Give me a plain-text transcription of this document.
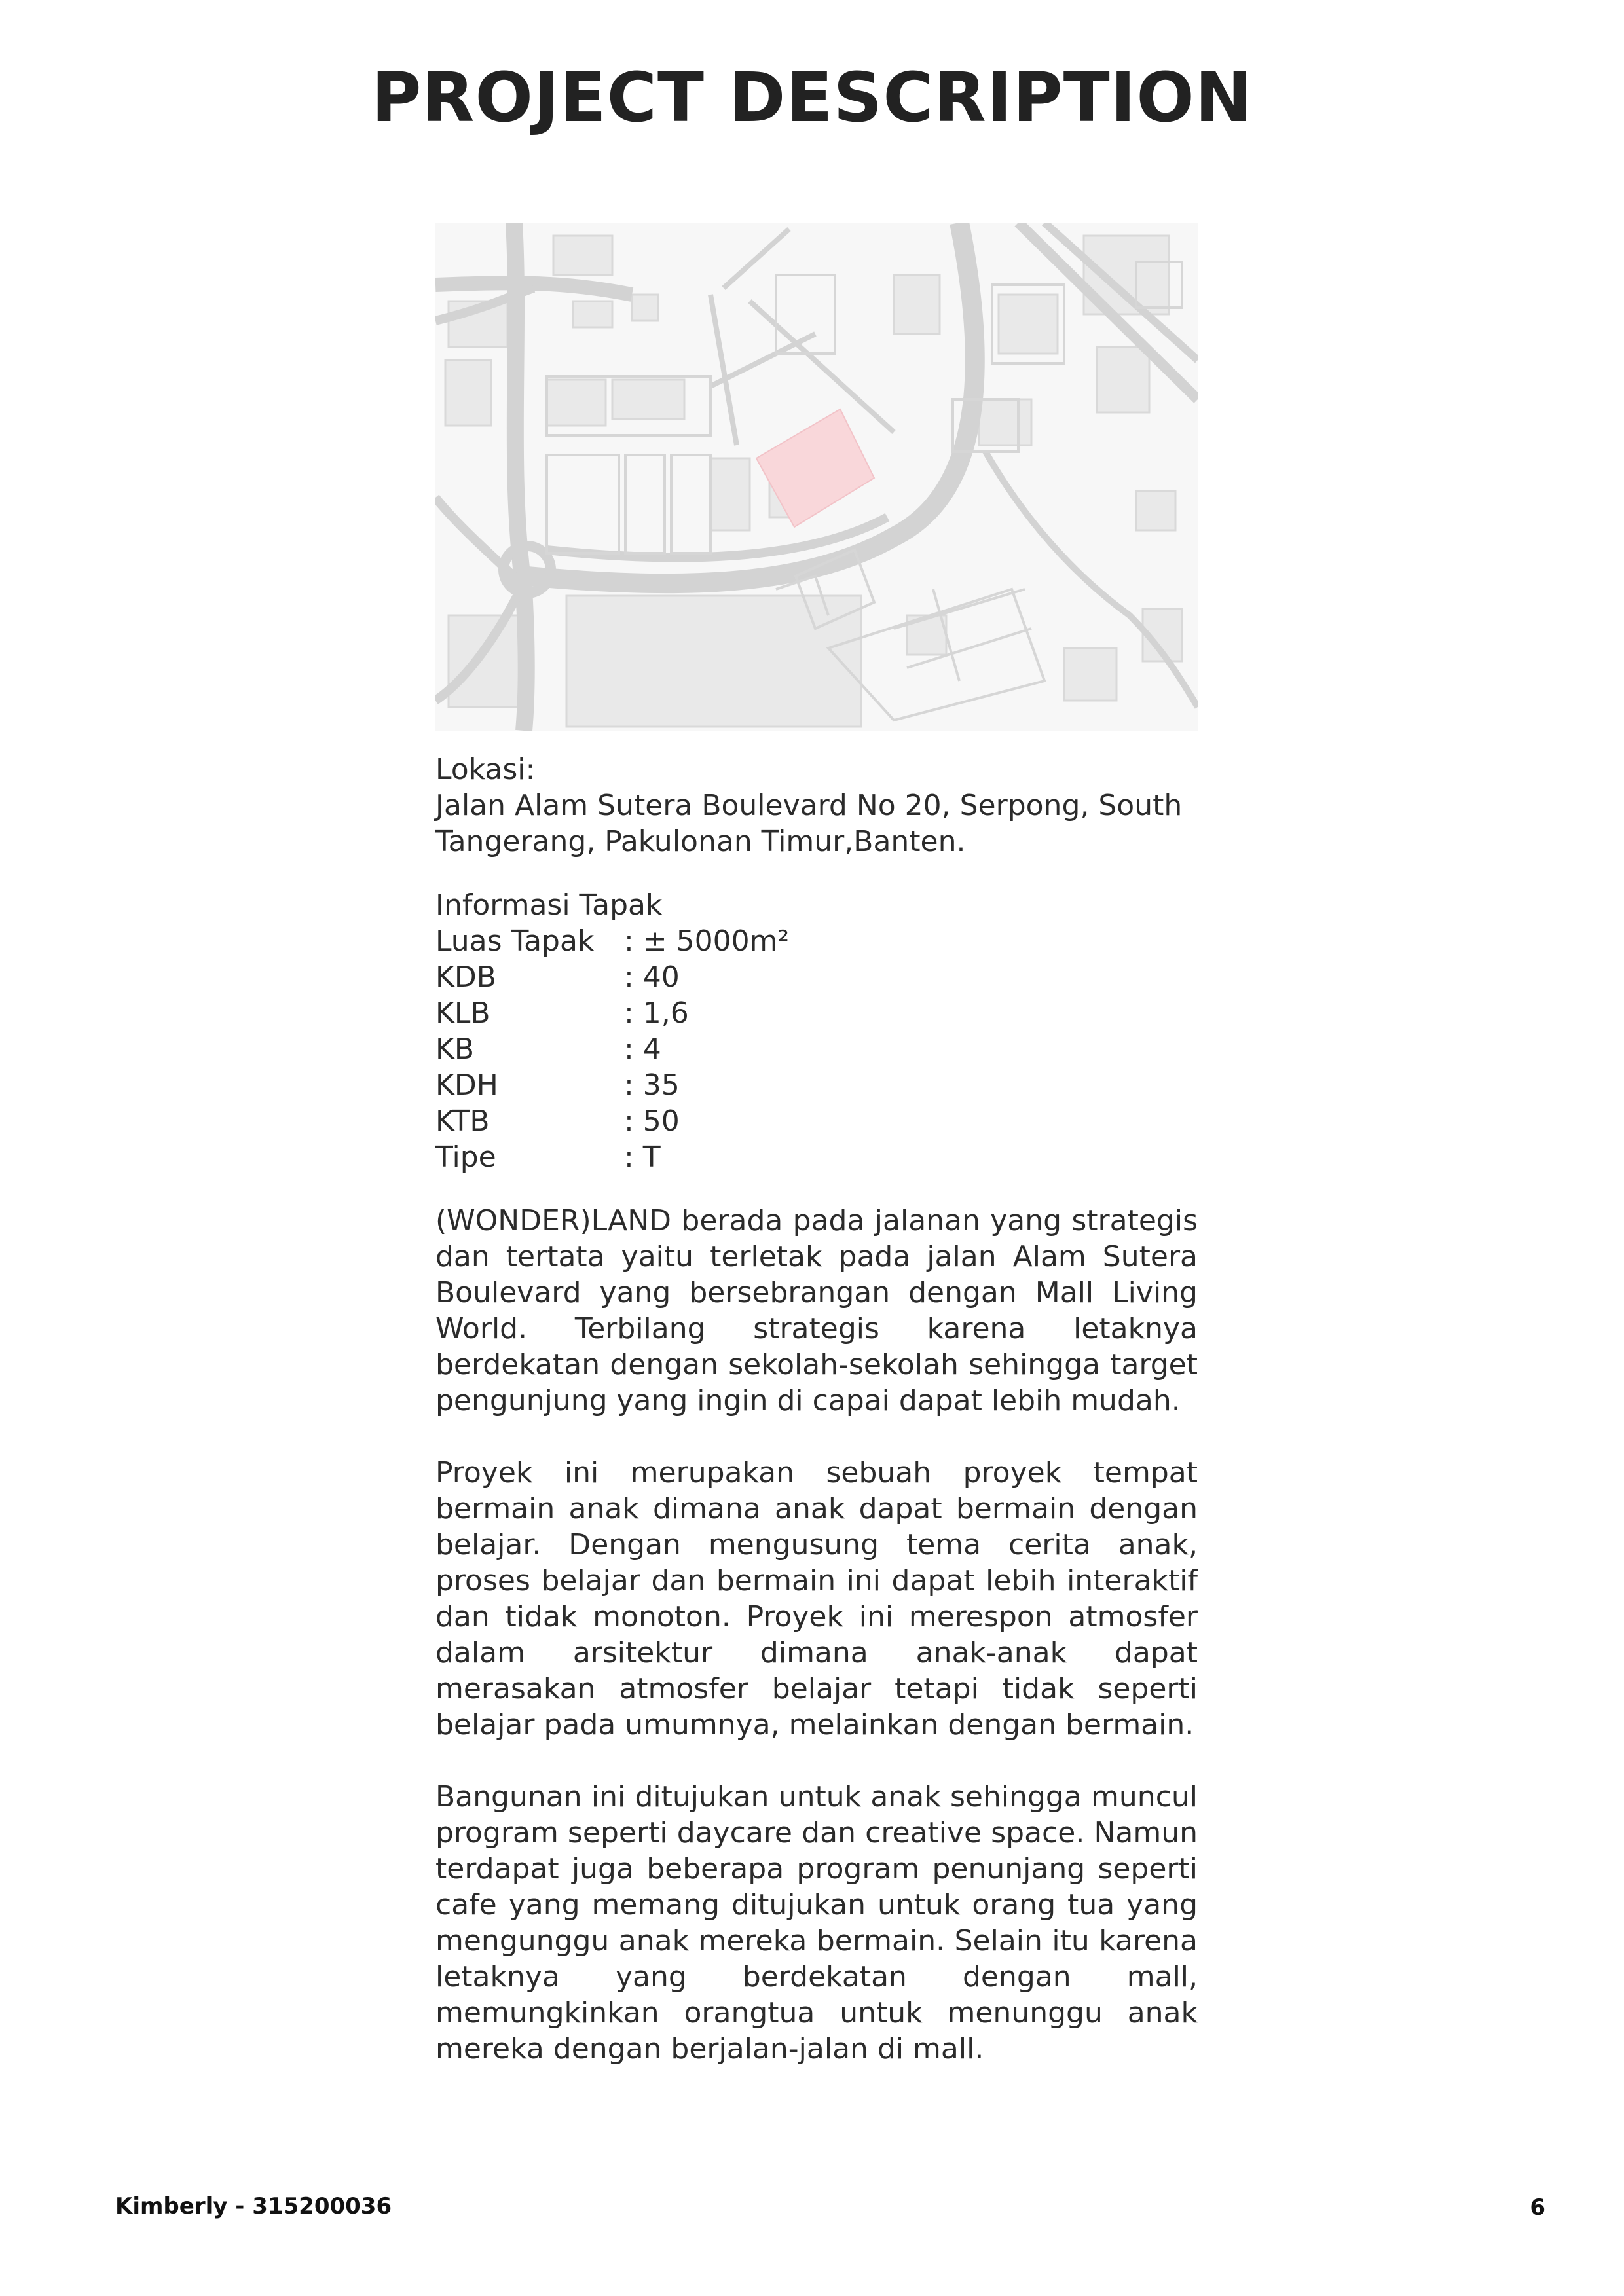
PROJECT DESCRIPTION

Lokasi:

Jalan Alam Sutera Boulevard No 20, Serpong, South

Tangerang, Pakulonan Timur,Banten.

Informasi Tapak

Luas Tapak	: ± 5000m²
KDB	: 40
KLB	: 1,6
KB	: 4
KDH	: 35
KTB	: 50
Tipe	: T

(WONDER)LAND berada pada jalanan yang strategis dan tertata yaitu terletak pada jalan Alam Sutera Boulevard yang bersebrangan dengan Mall Living World. Terbilang strategis karena letaknya berdekatan dengan sekolah-sekolah sehingga target pengunjung yang ingin di capai dapat lebih mudah.

Proyek ini merupakan sebuah proyek tempat bermain anak dimana anak dapat bermain dengan belajar. Dengan mengusung tema cerita anak, proses belajar dan bermain ini dapat lebih interaktif dan tidak monoton. Proyek ini merespon atmosfer dalam arsitektur dimana anak-anak dapat merasakan atmosfer belajar tetapi tidak seperti belajar pada umumnya, melainkan dengan bermain.

Bangunan ini ditujukan untuk anak sehingga muncul program seperti daycare dan creative space. Namun terdapat juga beberapa program penunjang seperti cafe yang memang ditujukan untuk orang tua yang mengunggu anak mereka bermain. Selain itu karena letaknya yang berdekatan dengan mall, memungkinkan orangtua untuk menunggu anak mereka dengan berjalan-jalan di mall.

Kimberly - 315200036	6
